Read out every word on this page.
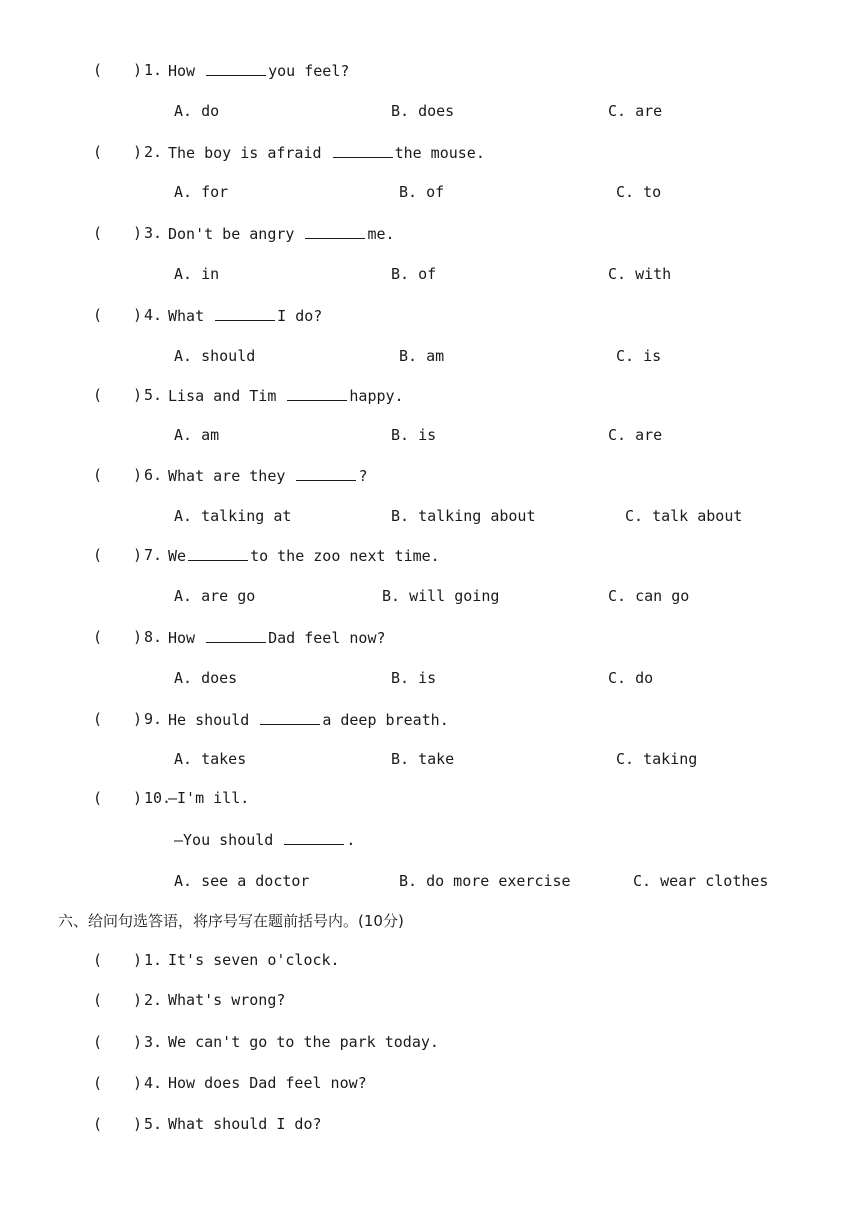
( ) 1. How	you feel?
A. do	B. does	C. are
( ) 2. The boy is afraid	the mouse.
A. for	B. of	C. to
( ) 3. Don't be angry	me.
A. in	B. of	C. with
( ) 4. What	I do?
A. should	B. am	C. is
( ) 5. Lisa and Tim	happy.
A. am	B. is	C. are
( ) 6. What are they	?
A. talking at	B. talking about	C. talk about
( ) 7. We	to the zoo next time.
A. are go	B. will going	C. can go
( ) 8. How	Dad feel now?
A. does	B. is	C. do
( ) 9. He should	a deep breath.
A. takes	B. take	C. taking
( ) 10.
—I'm ill.
—You should	.
A. see a doctor	B. do more exercise	C. wear clothes
六、给问句选答语，将序号写在题前括号内。(10分)
( ) 1. It's seven o'clock.
( ) 2. What's wrong?
( ) 3. We can't go to the park today.
( ) 4. How does Dad feel now?
( ) 5. What should I do?
